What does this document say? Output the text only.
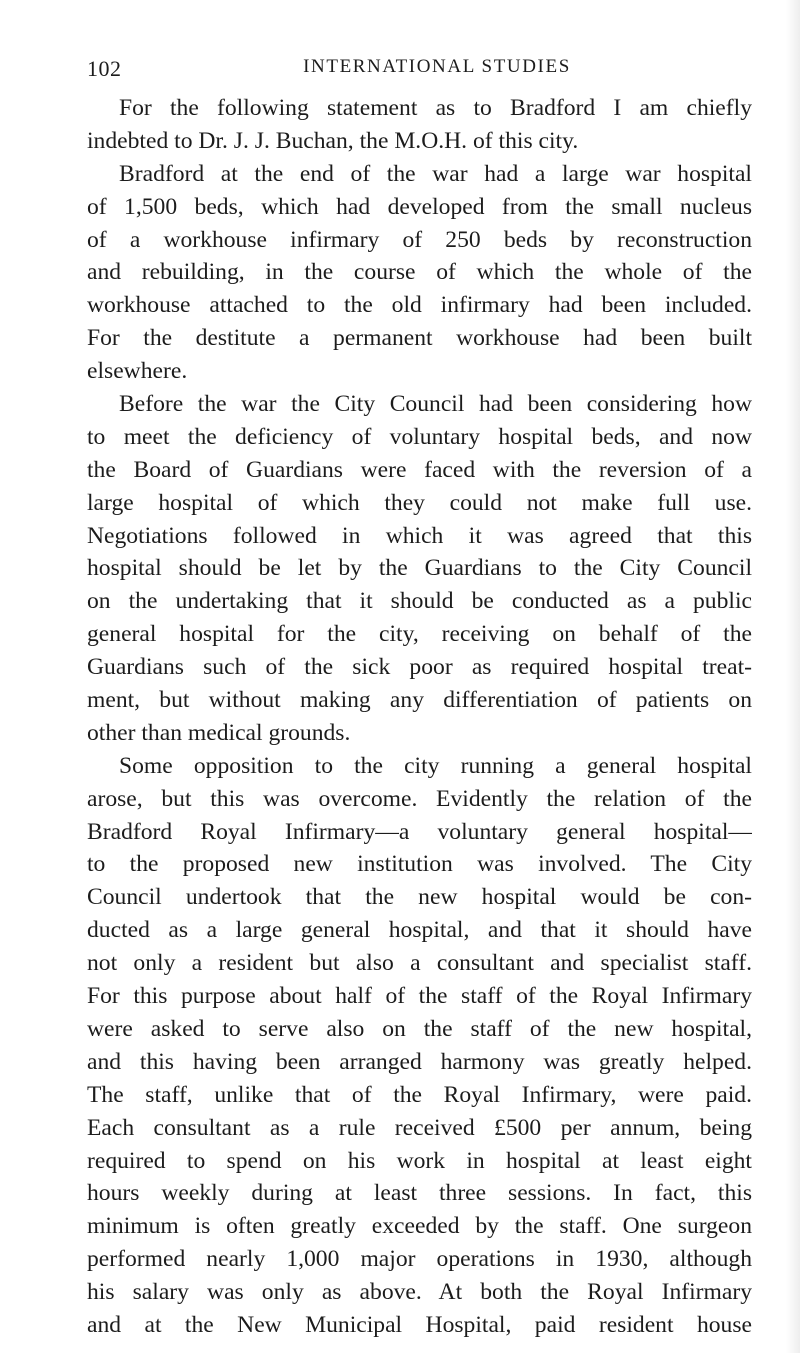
102	INTERNATIONAL STUDIES
For the following statement as to Bradford I am chiefly
indebted to Dr. J. J. Buchan, the M.O.H. of this city.
Bradford at the end of the war had a large war hospital
of 1,500 beds, which had developed from the small nucleus
of a workhouse infirmary of 250 beds by reconstruction
and rebuilding, in the course of which the whole of the
workhouse attached to the old infirmary had been included.
For the destitute a permanent workhouse had been built
elsewhere.
Before the war the City Council had been considering how
to meet the deficiency of voluntary hospital beds, and now
the Board of Guardians were faced with the reversion of a
large hospital of which they could not make full use.
Negotiations followed in which it was agreed that this
hospital should be let by the Guardians to the City Council
on the undertaking that it should be conducted as a public
general hospital for the city, receiving on behalf of the
Guardians such of the sick poor as required hospital treat-
ment, but without making any differentiation of patients on
other than medical grounds.
Some opposition to the city running a general hospital
arose, but this was overcome. Evidently the relation of the
Bradford Royal Infirmary—a voluntary general hospital—
to the proposed new institution was involved. The City
Council undertook that the new hospital would be con-
ducted as a large general hospital, and that it should have
not only a resident but also a consultant and specialist staff.
For this purpose about half of the staff of the Royal Infirmary
were asked to serve also on the staff of the new hospital,
and this having been arranged harmony was greatly helped.
The staff, unlike that of the Royal Infirmary, were paid.
Each consultant as a rule received £500 per annum, being
required to spend on his work in hospital at least eight
hours weekly during at least three sessions. In fact, this
minimum is often greatly exceeded by the staff. One surgeon
performed nearly 1,000 major operations in 1930, although
his salary was only as above. At both the Royal Infirmary
and at the New Municipal Hospital, paid resident house
